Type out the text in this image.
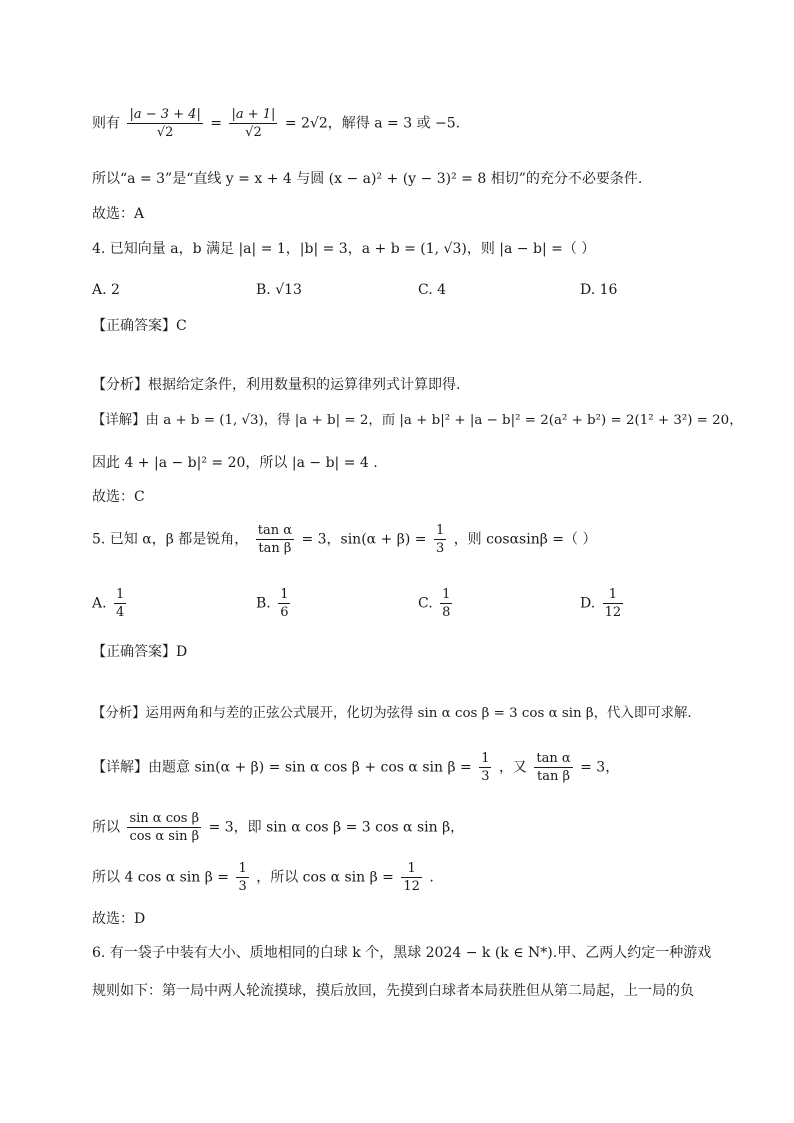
则有 $\frac{|a - 3 + 4|}{√2} = \frac{|a + 1|}{√2} = 2√2$，解得 a = 3 或 −5.
所以“a = 3”是“直线 y = x + 4 与圆 (x − a)² + (y − 3)² = 8 相切”的充分不必要条件.
故选：A
4. 已知向量 a，b 满足 |a| = 1，|b| = 3，a + b = (1, √3)，则 |a − b| =（ ）
A. 2	B. √13	C. 4	D. 16
【正确答案】C
【分析】根据给定条件，利用数量积的运算律列式计算即得.
【详解】由 a + b = (1, √3)，得 |a + b| = 2，而 |a + b|² + |a − b|² = 2(a² + b²) = 2(1² + 3²) = 20，
因此 4 + |a − b|² = 20，所以 |a − b| = 4 .
故选：C
5. 已知 α，β 都是锐角， $\frac{\text{tan α}}{\text{tan β}} = 3$，$\sin(\alpha + \beta) = \frac{1}{3}$ ，则 cosαsinβ =（ ）
A. $\frac{1}{4}$	B. $\frac{1}{6}$	C. $\frac{1}{8}$	D. $\frac{1}{12}$
【正确答案】D
【分析】运用两角和与差的正弦公式展开，化切为弦得 sin α cos β = 3 cos α sin β，代入即可求解.
【详解】由题意 sin(α + β) = sin α cos β + cos α $\sin \beta = \frac{1}{3}$ ，又 $\frac{\text{tan α}}{\text{tan β}} = 3$，
所以 $\frac{\text{sin α cos β}}{\text{cos α sin β}} = 3$，即 sin α cos β = 3 cos α sin β，
所以 4 cos α $\sin \beta = \frac{1}{3}$ ，所以 cos α $\sin \beta = \frac{1}{12}$ .
故选：D
6. 有一袋子中装有大小、质地相同的白球 k 个，黑球 2024 − k (k ∈ N*).甲、乙两人约定一种游戏
规则如下：第一局中两人轮流摸球，摸后放回，先摸到白球者本局获胜但从第二局起，上一局的负
